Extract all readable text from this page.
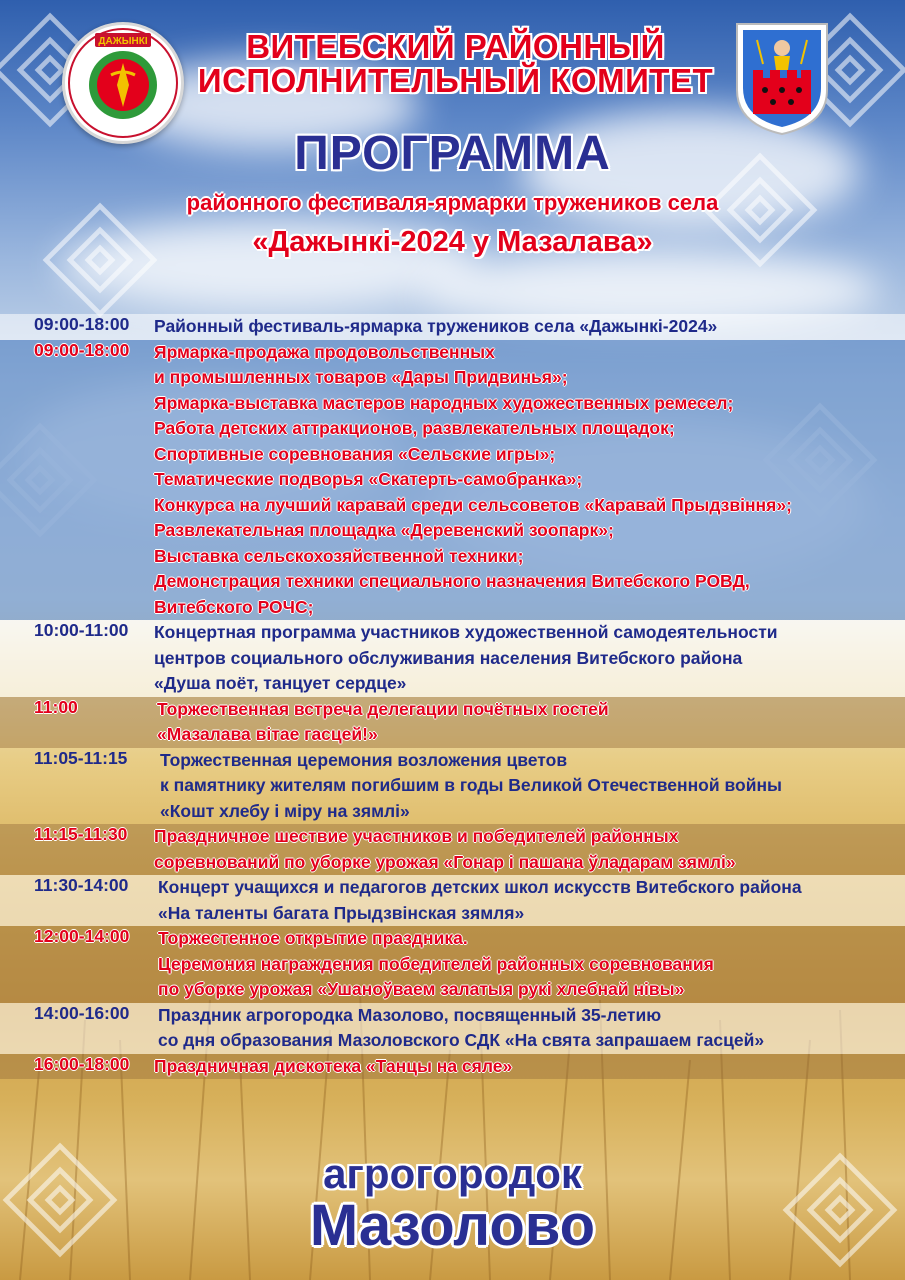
ДАЖЫНКІ	ВИТЕБСКИЙ РАЙОННЫЙ
ИСПОЛНИТЕЛЬНЫЙ КОМИТЕТ
ПРОГРАММА
районного фестиваля-ярмарки тружеников села
«Дажынкі-2024 у Мазалава»
09:00-18:00	Районный фестиваль-ярмарка тружеников села «Дажынкі-2024»
09:00-18:00	Ярмарка-продажа продовольственных
и промышленных товаров «Дары Придвинья»;
Ярмарка-выставка мастеров народных художественных ремесел;
Работа детских аттракционов, развлекательных площадок;
Спортивные соревнования «Сельские игры»;
Тематические подворья «Скатерть-самобранка»;
Конкурса на лучший каравай среди сельсоветов «Каравай Прыдзвіння»;
Развлекательная площадка «Деревенский зоопарк»;
Выставка сельскохозяйственной техники;
Демонстрация техники специального назначения Витебского РОВД,
Витебского РОЧС;
10:00-11:00	Концертная программа участников художественной самодеятельности
центров социального обслуживания населения Витебского района
«Душа поёт, танцует сердце»
11:00	Торжественная встреча делегации почётных гостей
«Мазалава вітае гасцей!»
11:05-11:15	Торжественная церемония возложения цветов
к памятнику жителям погибшим в годы Великой Отечественной войны
«Кошт хлебу і міру на зямлі»
11:15-11:30	Праздничное шествие участников и победителей районных
соревнований по уборке урожая «Гонар і пашана ўладарам зямлі»
11:30-14:00	Концерт учащихся и педагогов детских школ искусств Витебского района
«На таленты багата Прыдзвінская зямля»
12:00-14:00	Торжестенное открытие праздника.
Церемония награждения победителей районных соревнования
по уборке урожая «Ушаноўваем залатыя рукі хлебнай нівы»
14:00-16:00	Праздник агрогородка Мазолово, посвященный 35-летию
со дня образования Мазоловского СДК «На свята запрашаем гасцей»
16:00-18:00	Праздничная дискотека «Танцы на сяле»
агрогородок
Мазолово
